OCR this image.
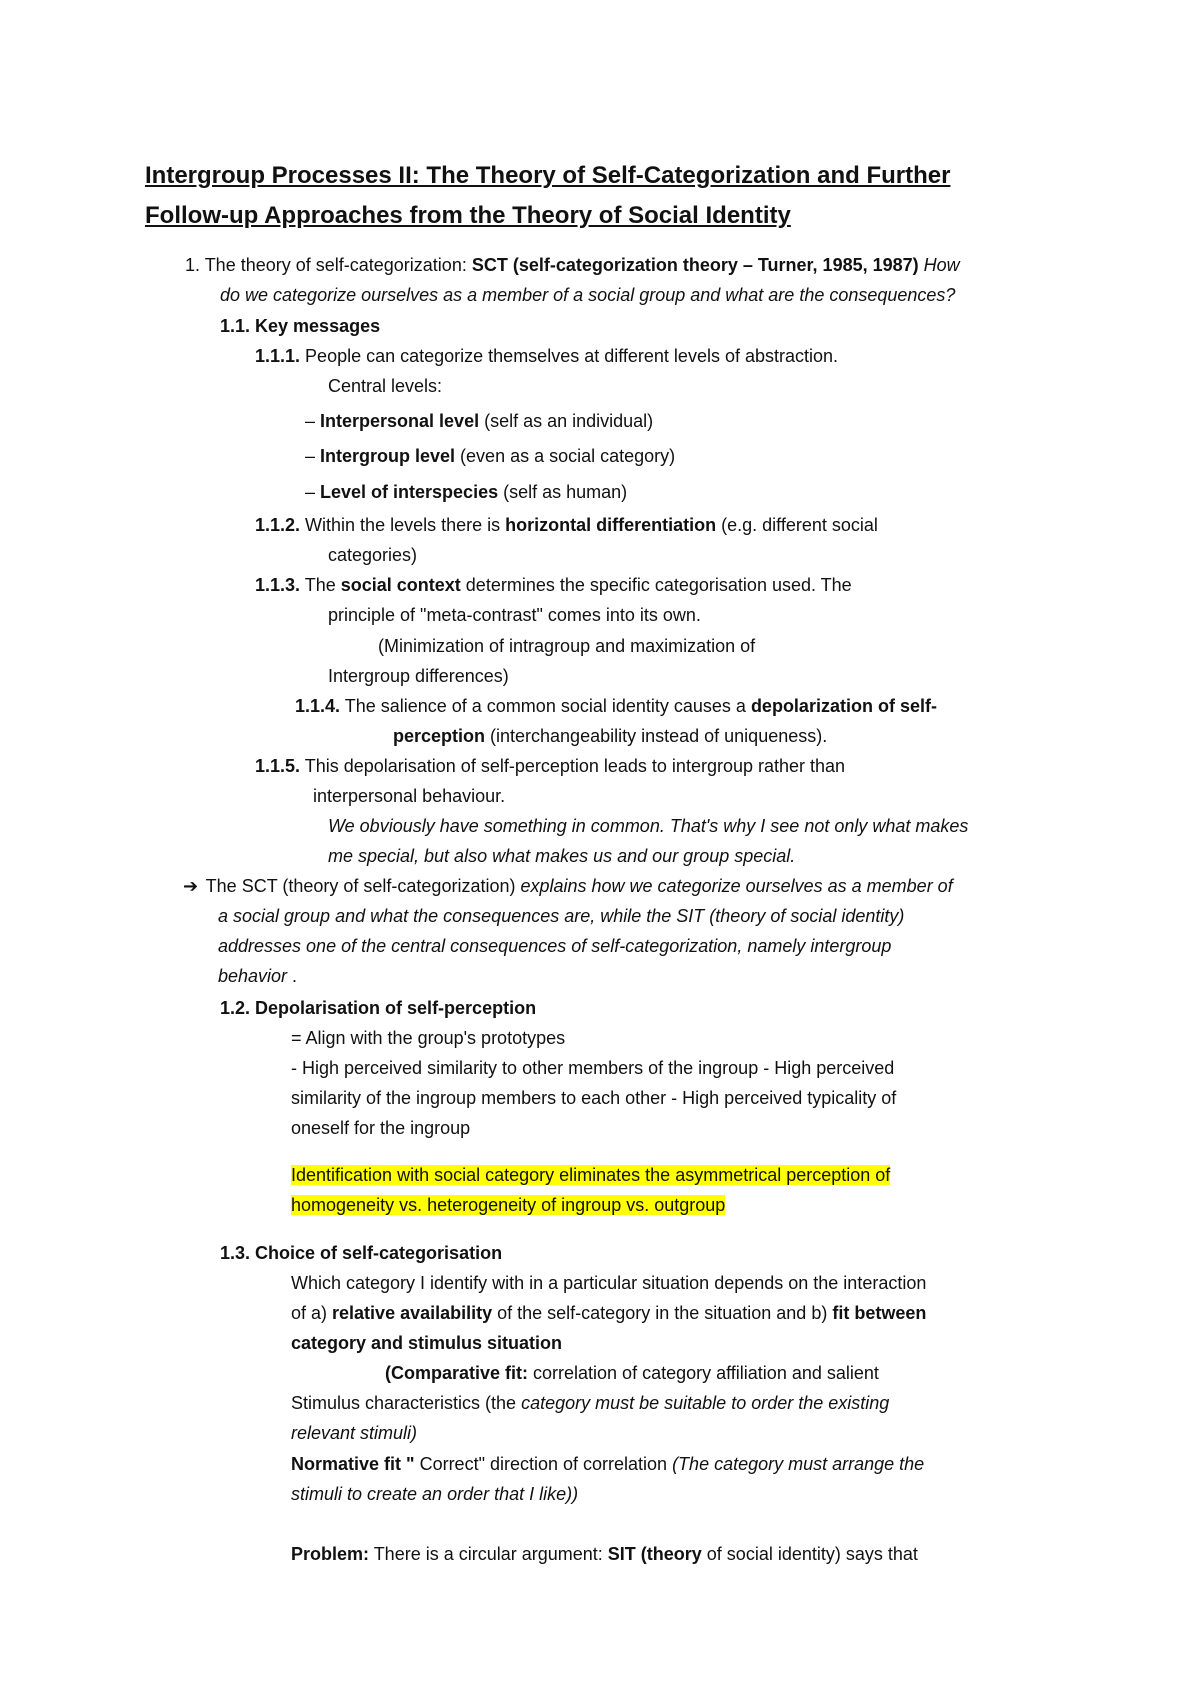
Intergroup Processes II: The Theory of Self-Categorization and Further
Follow-up Approaches from the Theory of Social Identity
1. The theory of self-categorization: SCT (self-categorization theory – Turner, 1985, 1987) How
do we categorize ourselves as a member of a social group and what are the consequences?
1.1. Key messages
1.1.1. People can categorize themselves at different levels of abstraction.
Central levels:
– Interpersonal level (self as an individual)
– Intergroup level (even as a social category)
– Level of interspecies (self as human)
1.1.2. Within the levels there is horizontal differentiation (e.g. different social
categories)
1.1.3. The social context determines the specific categorisation used. The
principle of "meta-contrast" comes into its own.
(Minimization of intragroup and maximization of
Intergroup differences)
1.1.4. The salience of a common social identity causes a depolarization of self-
perception (interchangeability instead of uniqueness).
1.1.5. This depolarisation of self-perception leads to intergroup rather than
interpersonal behaviour.
We obviously have something in common. That's why I see not only what makes
me special, but also what makes us and our group special.
➔ The SCT (theory of self-categorization) explains how we categorize ourselves as a member of
a social group and what the consequences are, while the SIT (theory of social identity)
addresses one of the central consequences of self-categorization, namely intergroup
behavior .
1.2. Depolarisation of self-perception
= Align with the group's prototypes
- High perceived similarity to other members of the ingroup - High perceived
similarity of the ingroup members to each other - High perceived typicality of
oneself for the ingroup
Identification with social category eliminates the asymmetrical perception of
homogeneity vs. heterogeneity of ingroup vs. outgroup
1.3. Choice of self-categorisation
Which category I identify with in a particular situation depends on the interaction
of a) relative availability of the self-category in the situation and b) fit between
category and stimulus situation
(Comparative fit: correlation of category affiliation and salient
Stimulus characteristics (the category must be suitable to order the existing
relevant stimuli)
Normative fit " Correct" direction of correlation (The category must arrange the
stimuli to create an order that I like))
Problem: There is a circular argument: SIT (theory of social identity) says that
